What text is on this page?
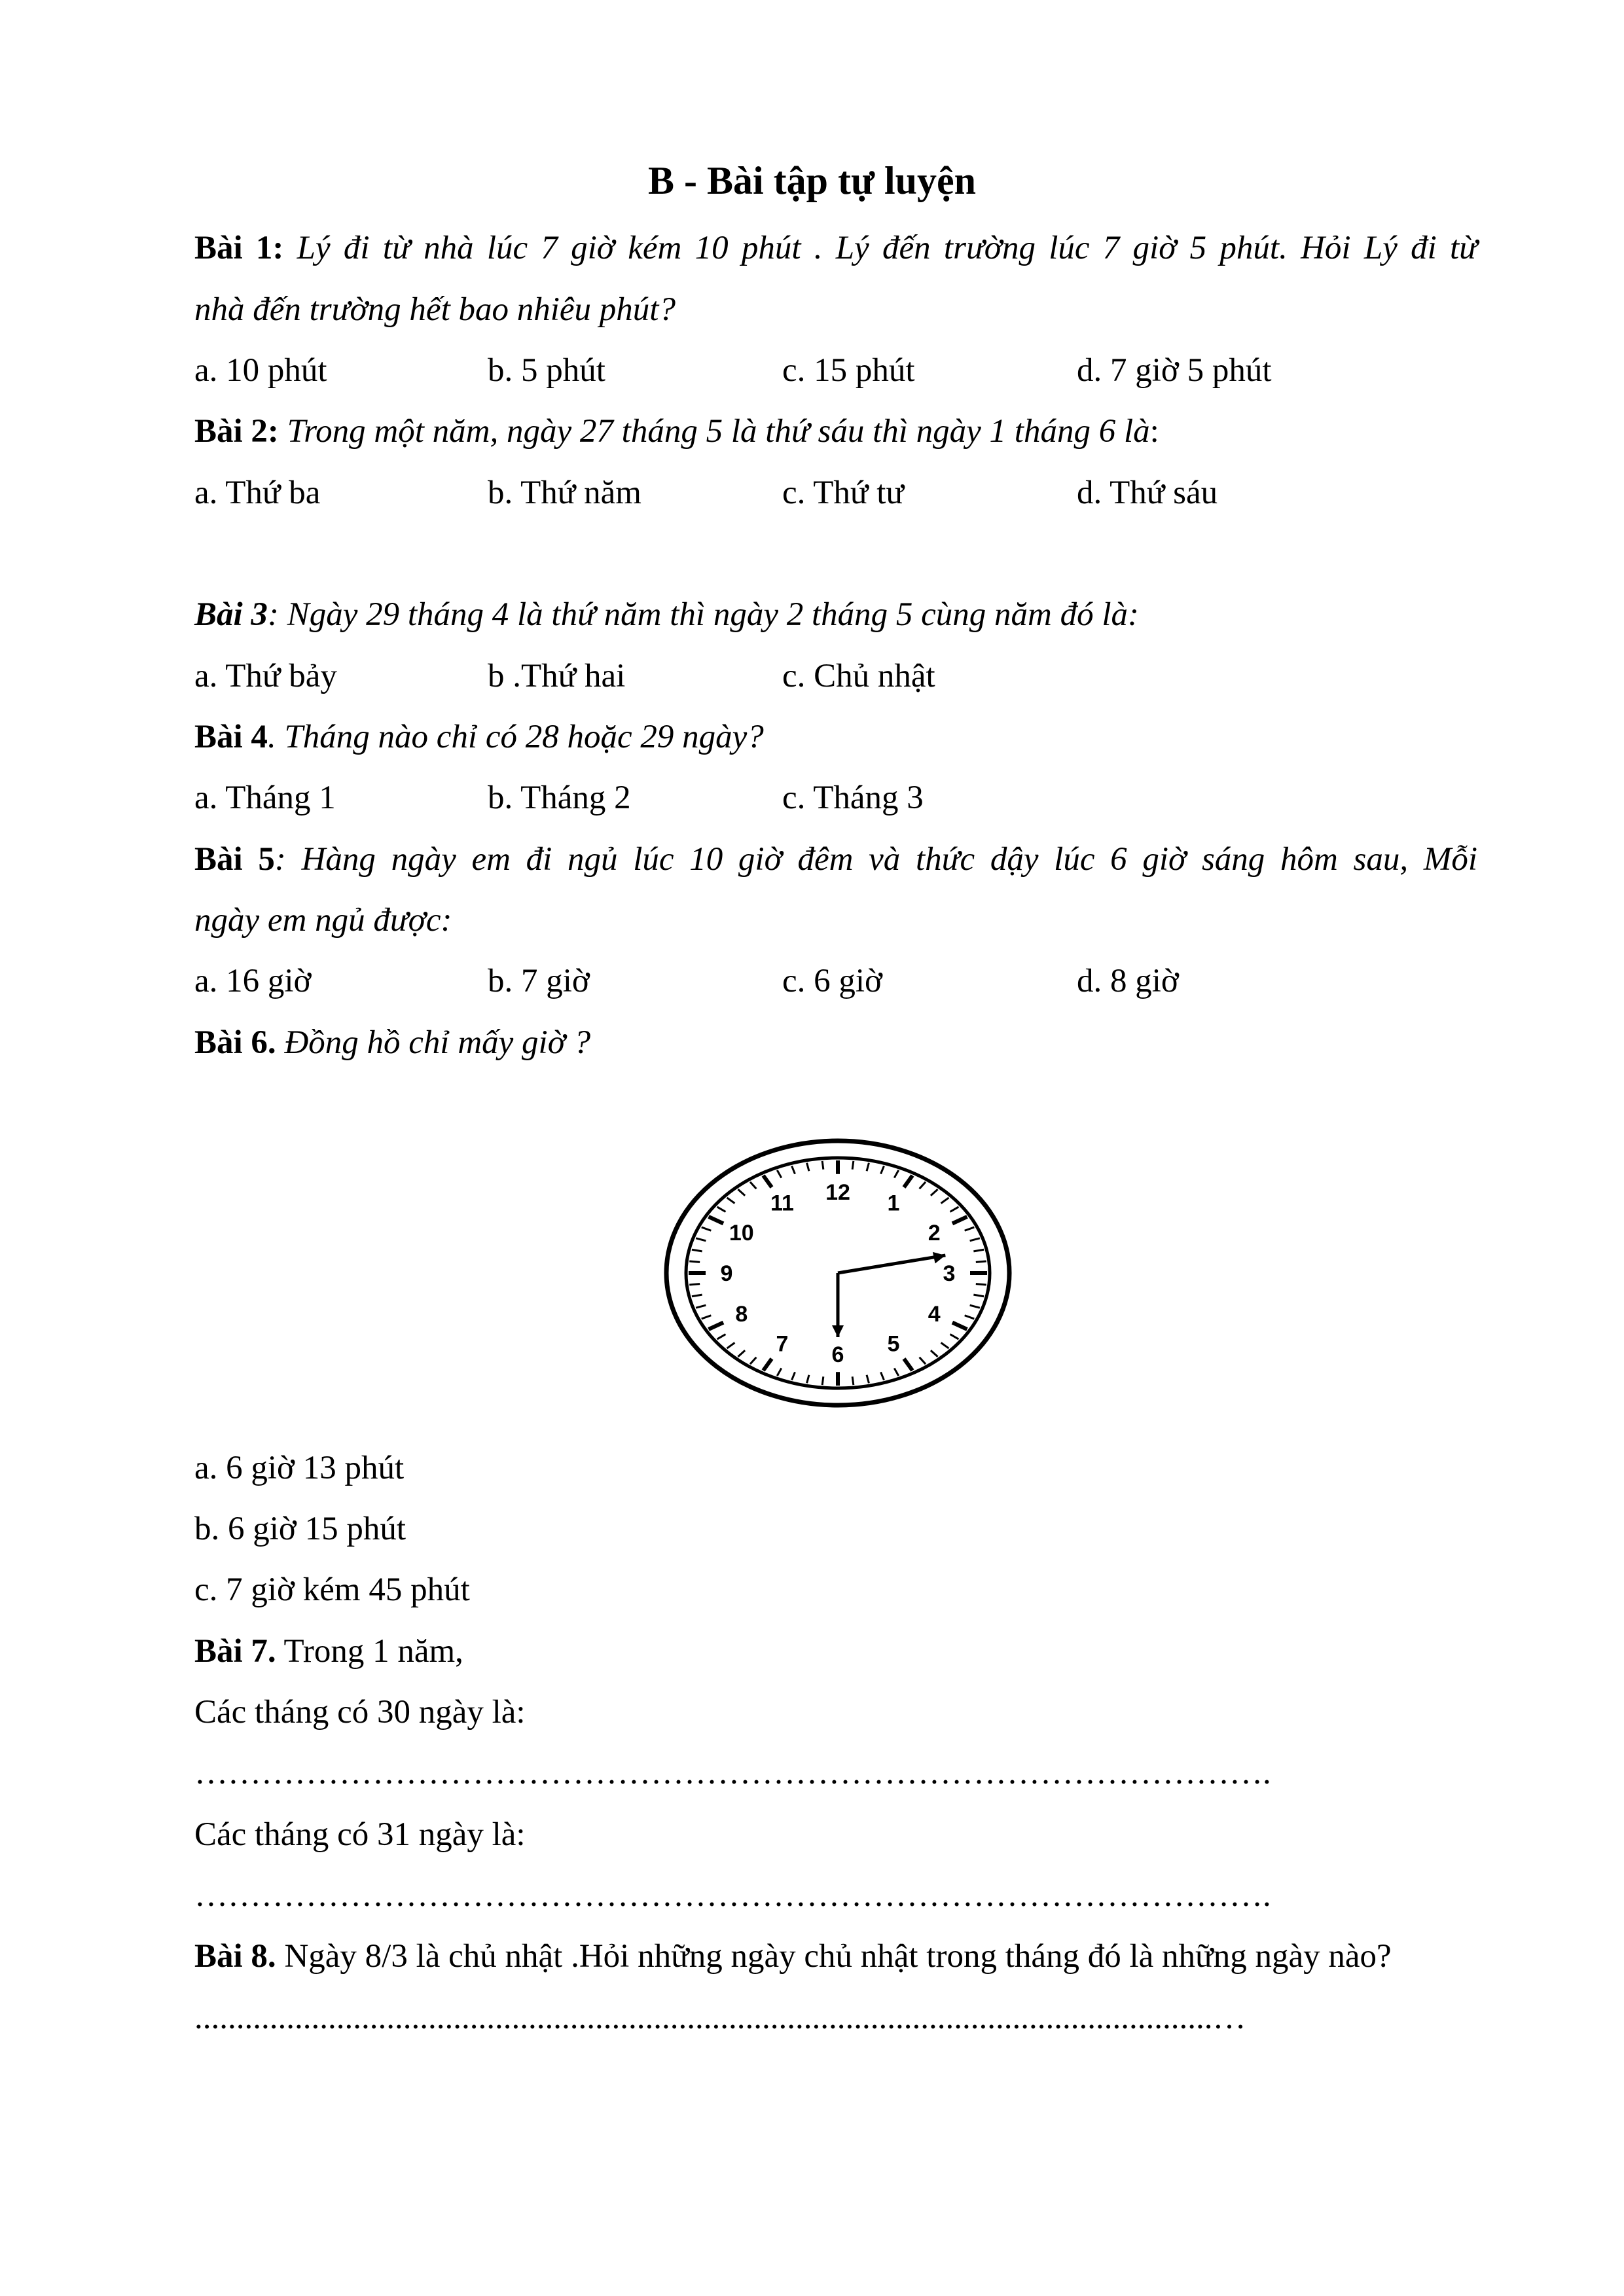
B - Bài tập tự luyện
Bài 1: Lý đi từ nhà lúc 7 giờ kém 10 phút . Lý đến trường lúc 7 giờ 5 phút. Hỏi Lý đi từ
nhà đến trường hết bao nhiêu phút?
a. 10 phút	b. 5 phút	c. 15 phút	d. 7 giờ 5 phút
Bài 2: Trong một năm, ngày 27 tháng 5 là thứ sáu thì ngày 1 tháng 6 là:
a. Thứ ba	b. Thứ năm	c. Thứ tư	d. Thứ sáu
Bài 3: Ngày 29 tháng 4 là thứ năm thì ngày 2 tháng 5 cùng năm đó là:
a. Thứ bảy	b .Thứ hai	c. Chủ nhật
Bài 4. Tháng nào chỉ có 28 hoặc 29 ngày?
a. Tháng 1	b. Tháng 2	c. Tháng 3
Bài 5: Hàng ngày em đi ngủ lúc 10 giờ đêm và thức dậy lúc 6 giờ sáng hôm sau, Mỗi
ngày em ngủ được:
a. 16 giờ	b. 7 giờ	c. 6 giờ	d. 8 giờ
Bài 6. Đồng hồ chỉ mấy giờ ?
12 1
2
3
4
5
6
7
8
9
10
11
a. 6 giờ 13 phút
b. 6 giờ 15 phút
c. 7 giờ kém 45 phút
Bài 7. Trong 1 năm,
Các tháng có 30 ngày là:
…………………………………………………………………………………….
Các tháng có 31 ngày là:
…………………………………………………………………………………….
Bài 8. Ngày 8/3 là chủ nhật .Hỏi những ngày chủ nhật trong tháng đó là những ngày nào?
..........................................................................................................................…
